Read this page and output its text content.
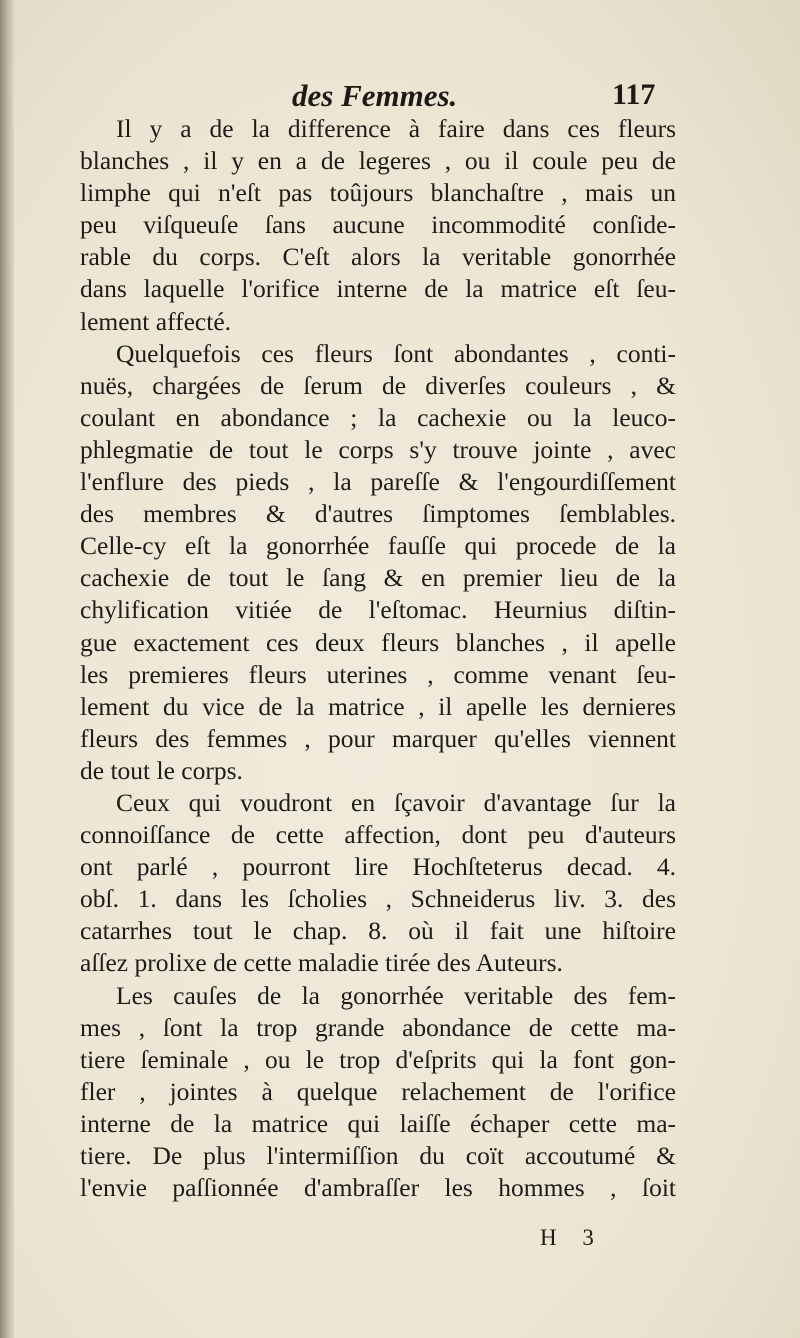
des Femmes.	117
Il y a de la difference à faire dans ces fleurs
blanches , il y en a de legeres , ou il coule peu de
limphe qui n'eſt pas toûjours blanchaſtre , mais un
peu viſqueuſe ſans aucune incommodité conſide-
rable du corps. C'eſt alors la veritable gonorrhée
dans laquelle l'orifice interne de la matrice eſt ſeu-
lement affecté.
Quelquefois ces fleurs ſont abondantes , conti-
nuës, chargées de ſerum de diverſes couleurs , &
coulant en abondance ; la cachexie ou la leuco-
phlegmatie de tout le corps s'y trouve jointe , avec
l'enflure des pieds , la pareſſe & l'engourdiſſement
des membres & d'autres ſimptomes ſemblables.
Celle-cy eſt la gonorrhée fauſſe qui procede de la
cachexie de tout le ſang & en premier lieu de la
chylification vitiée de l'eſtomac. Heurnius diſtin-
gue exactement ces deux fleurs blanches , il apelle
les premieres fleurs uterines , comme venant ſeu-
lement du vice de la matrice , il apelle les dernieres
fleurs des femmes , pour marquer qu'elles viennent
de tout le corps.
Ceux qui voudront en ſçavoir d'avantage ſur la
connoiſſance de cette affection, dont peu d'auteurs
ont parlé , pourront lire Hochſteterus decad. 4.
obſ. 1. dans les ſcholies , Schneiderus liv. 3. des
catarrhes tout le chap. 8. où il fait une hiſtoire
aſſez prolixe de cette maladie tirée des Auteurs.
Les cauſes de la gonorrhée veritable des fem-
mes , ſont la trop grande abondance de cette ma-
tiere ſeminale , ou le trop d'eſprits qui la font gon-
fler , jointes à quelque relachement de l'orifice
interne de la matrice qui laiſſe échaper cette ma-
tiere. De plus l'intermiſſion du coït accoutumé &
l'envie paſſionnée d'ambraſſer les hommes , ſoit
H 3
